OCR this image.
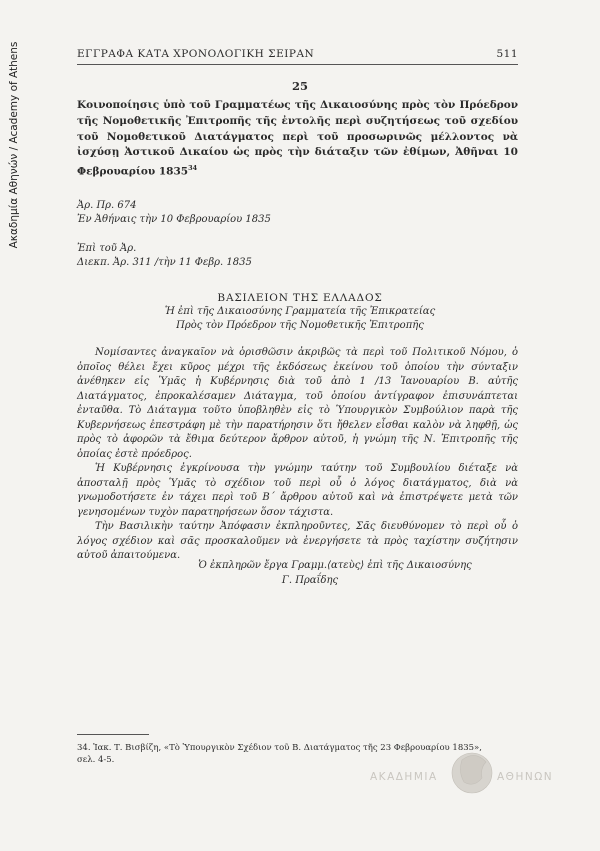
Ακαδημία Αθηνών / Academy of Athens	ΕΓΓΡΑΦΑ ΚΑΤΑ ΧΡΟΝΟΛΟΓΙΚΗ ΣΕΙΡΑΝ	511
25
Κοινοποίησις ὑπὸ τοῦ Γραμματέως τῆς Δικαιοσύνης πρὸς τὸν Πρόεδρον τῆς Νομοθετικῆς Ἐπιτροπῆς τῆς ἐντολῆς περὶ συζητήσεως τοῦ σχεδίου τοῦ Νομοθετικοῦ Διατάγματος περὶ τοῦ προσωρινῶς μέλλοντος νὰ ἰσχύσῃ Ἀστικοῦ Δικαίου ὡς πρὸς τὴν διάταξιν τῶν ἐθίμων, Ἀθῆναι 10 Φεβρουαρίου 1835$^{34}$
Ἀρ. Πρ. 674
Ἐν Ἀθήναις τὴν 10 Φεβρουαρίου 1835
Ἐπὶ τοῦ Ἀρ.
Διεκπ. Ἀρ. 311 /τὴν 11 Φεβρ. 1835
ΒΑΣΙΛΕΙΟΝ ΤΗΣ ΕΛΛΑΔΟΣ
Ἡ ἐπὶ τῆς Δικαιοσύνης Γραμματεία τῆς Ἐπικρατείας
Πρὸς τὸν Πρόεδρον τῆς Νομοθετικῆς Ἐπιτροπῆς

Νομίσαντες ἀναγκαῖον νὰ ὁρισθῶσιν ἀκριβῶς τὰ περὶ τοῦ Πολιτικοῦ Νόμου, ὁ ὁποῖος θέλει ἔχει κῦρος μέχρι τῆς ἐκδόσεως ἐκείνου τοῦ ὁποίου τὴν σύνταξιν ἀνέθηκεν εἰς Ὑμᾶς ἡ Κυβέρνησις διὰ τοῦ ἀπὸ 1 /13 Ἰανουαρίου Β. αὐτῆς Διατάγματος, ἐπροκαλέσαμεν Διάταγμα, τοῦ ὁποίου ἀντίγραφον ἐπισυνάπτεται ἐνταῦθα. Τὸ Διάταγμα τοῦτο ὑποβληθὲν εἰς τὸ Ὑπουργικὸν Συμβούλιον παρὰ τῆς Κυβερνήσεως ἐπεστράφη μὲ τὴν παρατήρησιν ὅτι ἤθελεν εἶσθαι καλὸν νὰ ληφθῇ, ὡς πρὸς τὸ ἀφορῶν τὰ ἔθιμα δεύτερον ἄρθρον αὐτοῦ, ἡ γνώμη τῆς Ν. Ἐπιτροπῆς τῆς ὁποίας ἐστὲ πρόεδρος.

Ἡ Κυβέρνησις ἐγκρίνουσα τὴν γνώμην ταύτην τοῦ Συμβουλίου διέταξε νὰ ἀποσταλῇ πρὸς Ὑμᾶς τὸ σχέδιον τοῦ περὶ οὗ ὁ λόγος διατάγματος, διὰ νὰ γνωμοδοτήσετε ἐν τάχει περὶ τοῦ Β΄ ἄρθρου αὐτοῦ καὶ νὰ ἐπιστρέψετε μετὰ τῶν γενησομένων τυχὸν παρατηρήσεων ὅσον τάχιστα.

Τὴν Βασιλικὴν ταύτην Ἀπόφασιν ἐκπληροῦντες, Σᾶς διευθύνομεν τὸ περὶ οὗ ὁ λόγος σχέδιον καὶ σᾶς προσκαλοῦμεν νὰ ἐνεργήσετε τὰ πρὸς ταχίστην συζήτησιν αὐτοῦ ἀπαιτούμενα.

Ὁ ἐκπληρῶν ἔργα Γραμμ.⟨ατεὺς⟩ ἐπὶ τῆς Δικαιοσύνης
Γ. Πραΐδης
34. Ἰακ. Τ. Βισβίζη, «Τὸ Ὑπουργικὸν Σχέδιον τοῦ Β. Διατάγματος τῆς 23 Φεβρουαρίου 1835»,
σελ. 4-5.
ΑΚΑΔΗΜΙΑ	ΑΘΗΝΩΝ
